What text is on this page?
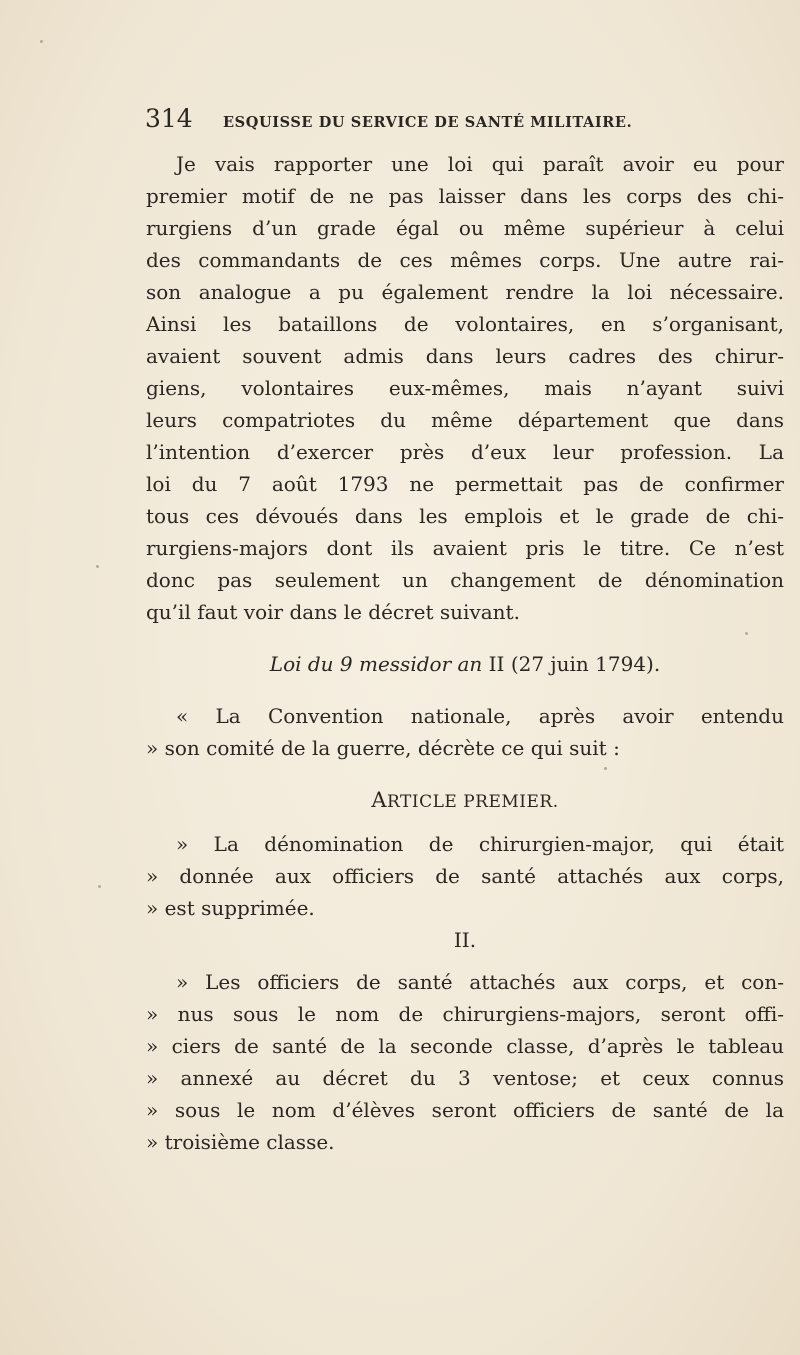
314	ESQUISSE DU SERVICE DE SANTÉ MILITAIRE.
Je vais rapporter une loi qui paraît avoir eu pour
premier motif de ne pas laisser dans les corps des chi-
rurgiens d’un grade égal ou même supérieur à celui
des commandants de ces mêmes corps. Une autre rai-
son analogue a pu également rendre la loi nécessaire.
Ainsi les bataillons de volontaires, en s’organisant,
avaient souvent admis dans leurs cadres des chirur-
giens, volontaires eux-mêmes, mais n’ayant suivi
leurs compatriotes du même département que dans
l’intention d’exercer près d’eux leur profession. La
loi du 7 août 1793 ne permettait pas de confirmer
tous ces dévoués dans les emplois et le grade de chi-
rurgiens-majors dont ils avaient pris le titre. Ce n’est
donc pas seulement un changement de dénomination
qu’il faut voir dans le décret suivant.
Loi du 9 messidor an II (27 juin 1794).
« La Convention nationale, après avoir entendu
» son comité de la guerre, décrète ce qui suit :
ARTICLE PREMIER.
» La dénomination de chirurgien-major, qui était
» donnée aux officiers de santé attachés aux corps,
» est supprimée.
II.
» Les officiers de santé attachés aux corps, et con-
» nus sous le nom de chirurgiens-majors, seront offi-
» ciers de santé de la seconde classe, d’après le tableau
» annexé au décret du 3 ventose; et ceux connus
» sous le nom d’élèves seront officiers de santé de la
» troisième classe.
